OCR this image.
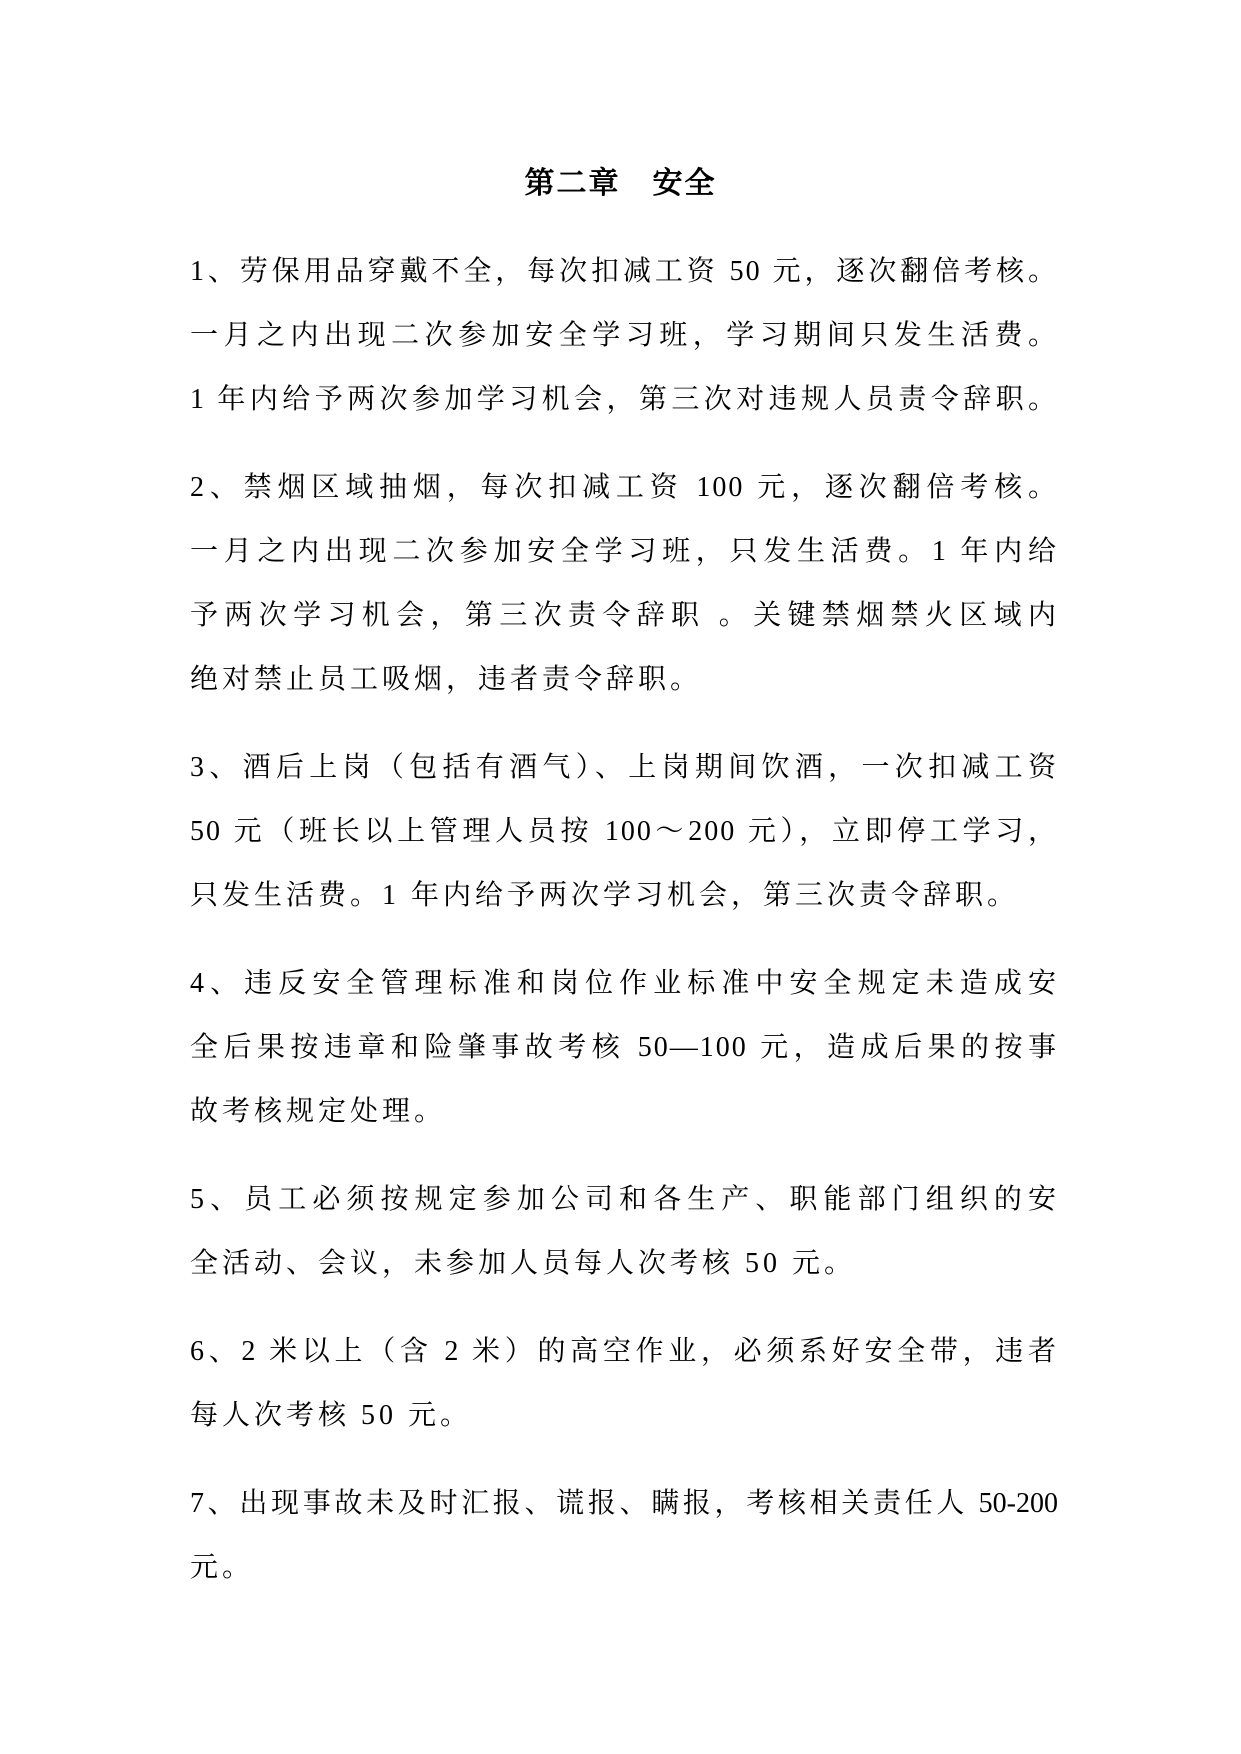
第二章　安全
1、劳保用品穿戴不全，每次扣减工资 50 元，逐次翻倍考核。
一月之内出现二次参加安全学习班，学习期间只发生活费。
1 年内给予两次参加学习机会，第三次对违规人员责令辞职。
2、禁烟区域抽烟，每次扣减工资 100 元，逐次翻倍考核。
一月之内出现二次参加安全学习班，只发生活费。1 年内给
予两次学习机会，第三次责令辞职 。关键禁烟禁火区域内
绝对禁止员工吸烟，违者责令辞职。
3、酒后上岗（包括有酒气）、上岗期间饮酒，一次扣减工资
50 元（班长以上管理人员按 100～200 元），立即停工学习，
只发生活费。1 年内给予两次学习机会，第三次责令辞职。
4、违反安全管理标准和岗位作业标准中安全规定未造成安
全后果按违章和险肇事故考核 50—100 元，造成后果的按事
故考核规定处理。
5、员工必须按规定参加公司和各生产、职能部门组织的安
全活动、会议，未参加人员每人次考核 50 元。
6、2 米以上（含 2 米）的高空作业，必须系好安全带，违者
每人次考核 50 元。
7、出现事故未及时汇报、谎报、瞒报，考核相关责任人 50-200
元。
